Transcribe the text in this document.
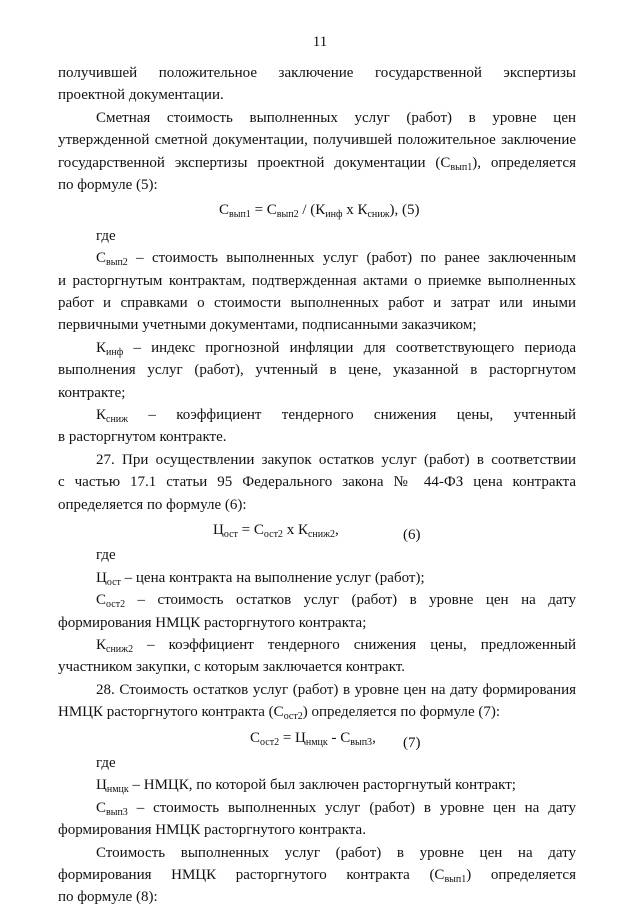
11
получившей положительное заключение государственной экспертизы
проектной документации.
Сметная стоимость выполненных услуг (работ) в уровне цен
утвержденной сметной документации, получившей положительное заключение
государственной экспертизы проектной документации $(С_{вып1})$, определяется
по формуле (5):
$С_{вып1} = С_{вып2} / (К_{инф}$ х $К_{сниж}$), (5)
где
$С_{вып2}$ – стоимость выполненных услуг (работ) по ранее заключенным
и расторгнутым контрактам, подтвержденная актами о приемке выполненных
работ и справками о стоимости выполненных работ и затрат или иными
первичными учетными документами, подписанными заказчиком;
$К_{инф}$ – индекс прогнозной инфляции для соответствующего периода
выполнения услуг (работ), учтенный в цене, указанной в расторгнутом
контракте;
$К_{сниж}$ – коэффициент тендерного снижения цены, учтенный
в расторгнутом контракте.
27. При осуществлении закупок остатков услуг (работ) в соответствии
с частью 17.1 статьи 95 Федерального закона № 44-ФЗ цена контракта
определяется по формуле (6):
$Ц_{ост} = С_{ост2}$ х $К_{сниж2}$,	(6)
где
$Ц_{ост}$ – цена контракта на выполнение услуг (работ);
$С_{ост2}$ – стоимость остатков услуг (работ) в уровне цен на дату
формирования НМЦК расторгнутого контракта;
$К_{сниж2}$ – коэффициент тендерного снижения цены, предложенный
участником закупки, с которым заключается контракт.
28. Стоимость остатков услуг (работ) в уровне цен на дату формирования
НМЦК расторгнутого контракта $(С_{ост2})$ определяется по формуле (7):
$С_{ост2} = Ц_{нмцк} - С_{вып3}$, (7)
где
$Ц_{нмцк}$ – НМЦК, по которой был заключен расторгнутый контракт;
$С_{вып3}$ – стоимость выполненных услуг (работ) в уровне цен на дату
формирования НМЦК расторгнутого контракта.
Стоимость выполненных услуг (работ) в уровне цен на дату
формирования НМЦК расторгнутого контракта $(С_{вып1})$ определяется
по формуле (8):
